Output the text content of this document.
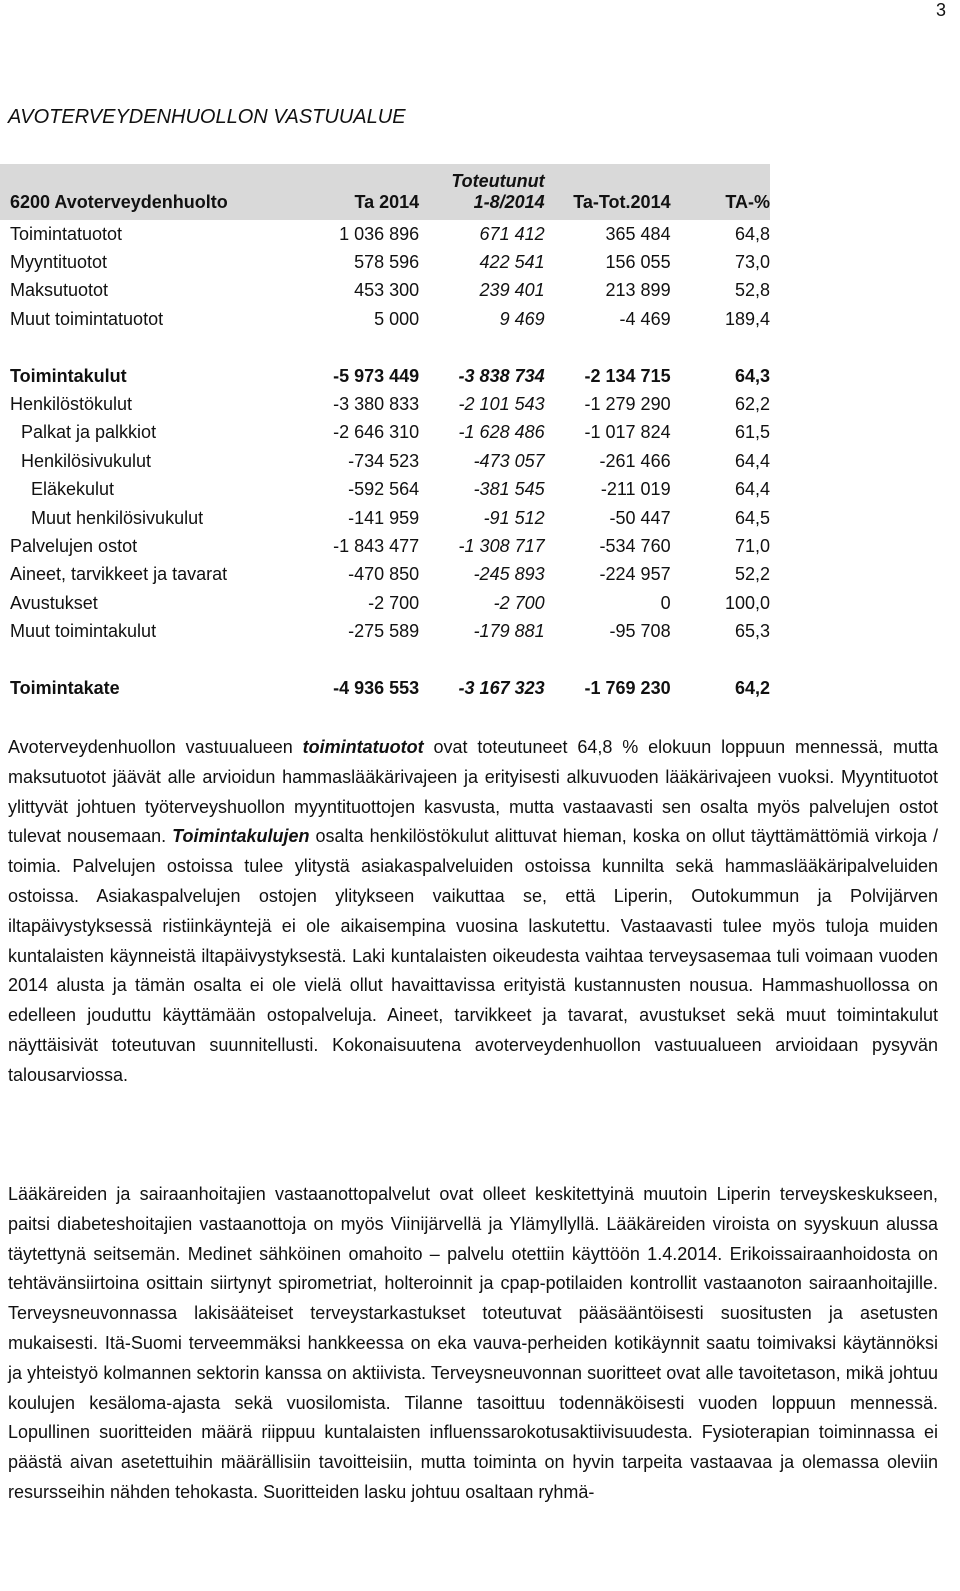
3
AVOTERVEYDENHUOLLON VASTUUALUE
		Toteutunut		
6200 Avoterveydenhuolto	Ta 2014	1-8/2014	Ta-Tot.2014	TA-%
Toimintatuotot	1 036 896	671 412	365 484	64,8
Myyntituotot	578 596	422 541	156 055	73,0
Maksutuotot	453 300	239 401	213 899	52,8
Muut toimintatuotot	5 000	9 469	-4 469	189,4

Toimintakulut	-5 973 449	-3 838 734	-2 134 715	64,3
Henkilöstökulut	-3 380 833	-2 101 543	-1 279 290	62,2
Palkat ja palkkiot	-2 646 310	-1 628 486	-1 017 824	61,5
Henkilösivukulut	-734 523	-473 057	-261 466	64,4
Eläkekulut	-592 564	-381 545	-211 019	64,4
Muut henkilösivukulut	-141 959	-91 512	-50 447	64,5
Palvelujen ostot	-1 843 477	-1 308 717	-534 760	71,0
Aineet, tarvikkeet ja tavarat	-470 850	-245 893	-224 957	52,2
Avustukset	-2 700	-2 700	0	100,0
Muut toimintakulut	-275 589	-179 881	-95 708	65,3

Toimintakate	-4 936 553	-3 167 323	-1 769 230	64,2

Avoterveydenhuollon vastuualueen toimintatuotot ovat toteutuneet 64,8 % elokuun loppuun mennessä, mutta maksutuotot jäävät alle arvioidun hammaslääkärivajeen ja erityisesti alkuvuoden lääkärivajeen vuoksi. Myyntituotot ylittyvät johtuen työterveyshuollon myyntituottojen kasvusta, mutta vastaavasti sen osalta myös palvelujen ostot tulevat nousemaan. Toimintakulujen osalta henkilöstökulut alittuvat hieman, koska on ollut täyttämättömiä virkoja / toimia. Palvelujen ostoissa tulee ylitystä asiakaspalveluiden ostoissa kunnilta sekä hammaslääkäripalveluiden ostoissa. Asiakaspalvelujen ostojen ylitykseen vaikuttaa se, että Liperin, Outokummun ja Polvijärven iltapäivystyksessä ristiinkäyntejä ei ole aikaisempina vuosina laskutettu. Vastaavasti tulee myös tuloja muiden kuntalaisten käynneistä iltapäivystyksestä. Laki kuntalaisten oikeudesta vaihtaa terveysasemaa tuli voimaan vuoden 2014 alusta ja tämän osalta ei ole vielä ollut havaittavissa erityistä kustannusten nousua. Hammashuollossa on edelleen jouduttu käyttämään ostopalveluja. Aineet, tarvikkeet ja tavarat, avustukset sekä muut toimintakulut näyttäisivät toteutuvan suunnitellusti. Kokonaisuutena avoterveydenhuollon vastuualueen arvioidaan pysyvän talousarviossa.

Lääkäreiden ja sairaanhoitajien vastaanottopalvelut ovat olleet keskitettyinä muutoin Liperin terveyskeskukseen, paitsi diabeteshoitajien vastaanottoja on myös Viinijärvellä ja Ylämyllyllä. Lääkäreiden viroista on syyskuun alussa täytettynä seitsemän. Medinet sähköinen omahoito – palvelu otettiin käyttöön 1.4.2014. Erikoissairaanhoidosta on tehtävänsiirtoina osittain siirtynyt spirometriat, holteroinnit ja cpap-potilaiden kontrollit vastaanoton sairaanhoitajille. Terveysneuvonnassa lakisääteiset terveystarkastukset toteutuvat pääsääntöisesti suositusten ja asetusten mukaisesti. Itä-Suomi terveemmäksi hankkeessa on eka vauva-perheiden kotikäynnit saatu toimivaksi käytännöksi ja yhteistyö kolmannen sektorin kanssa on aktiivista. Terveysneuvonnan suoritteet ovat alle tavoitetason, mikä johtuu koulujen kesäloma-ajasta sekä vuosilomista. Tilanne tasoittuu todennäköisesti vuoden loppuun mennessä. Lopullinen suoritteiden määrä riippuu kuntalaisten influenssarokotusaktiivisuudesta. Fysioterapian toiminnassa ei päästä aivan asetettuihin määrällisiin tavoitteisiin, mutta toiminta on hyvin tarpeita vastaavaa ja olemassa oleviin resursseihin nähden tehokasta. Suoritteiden lasku johtuu osaltaan ryhmä-
